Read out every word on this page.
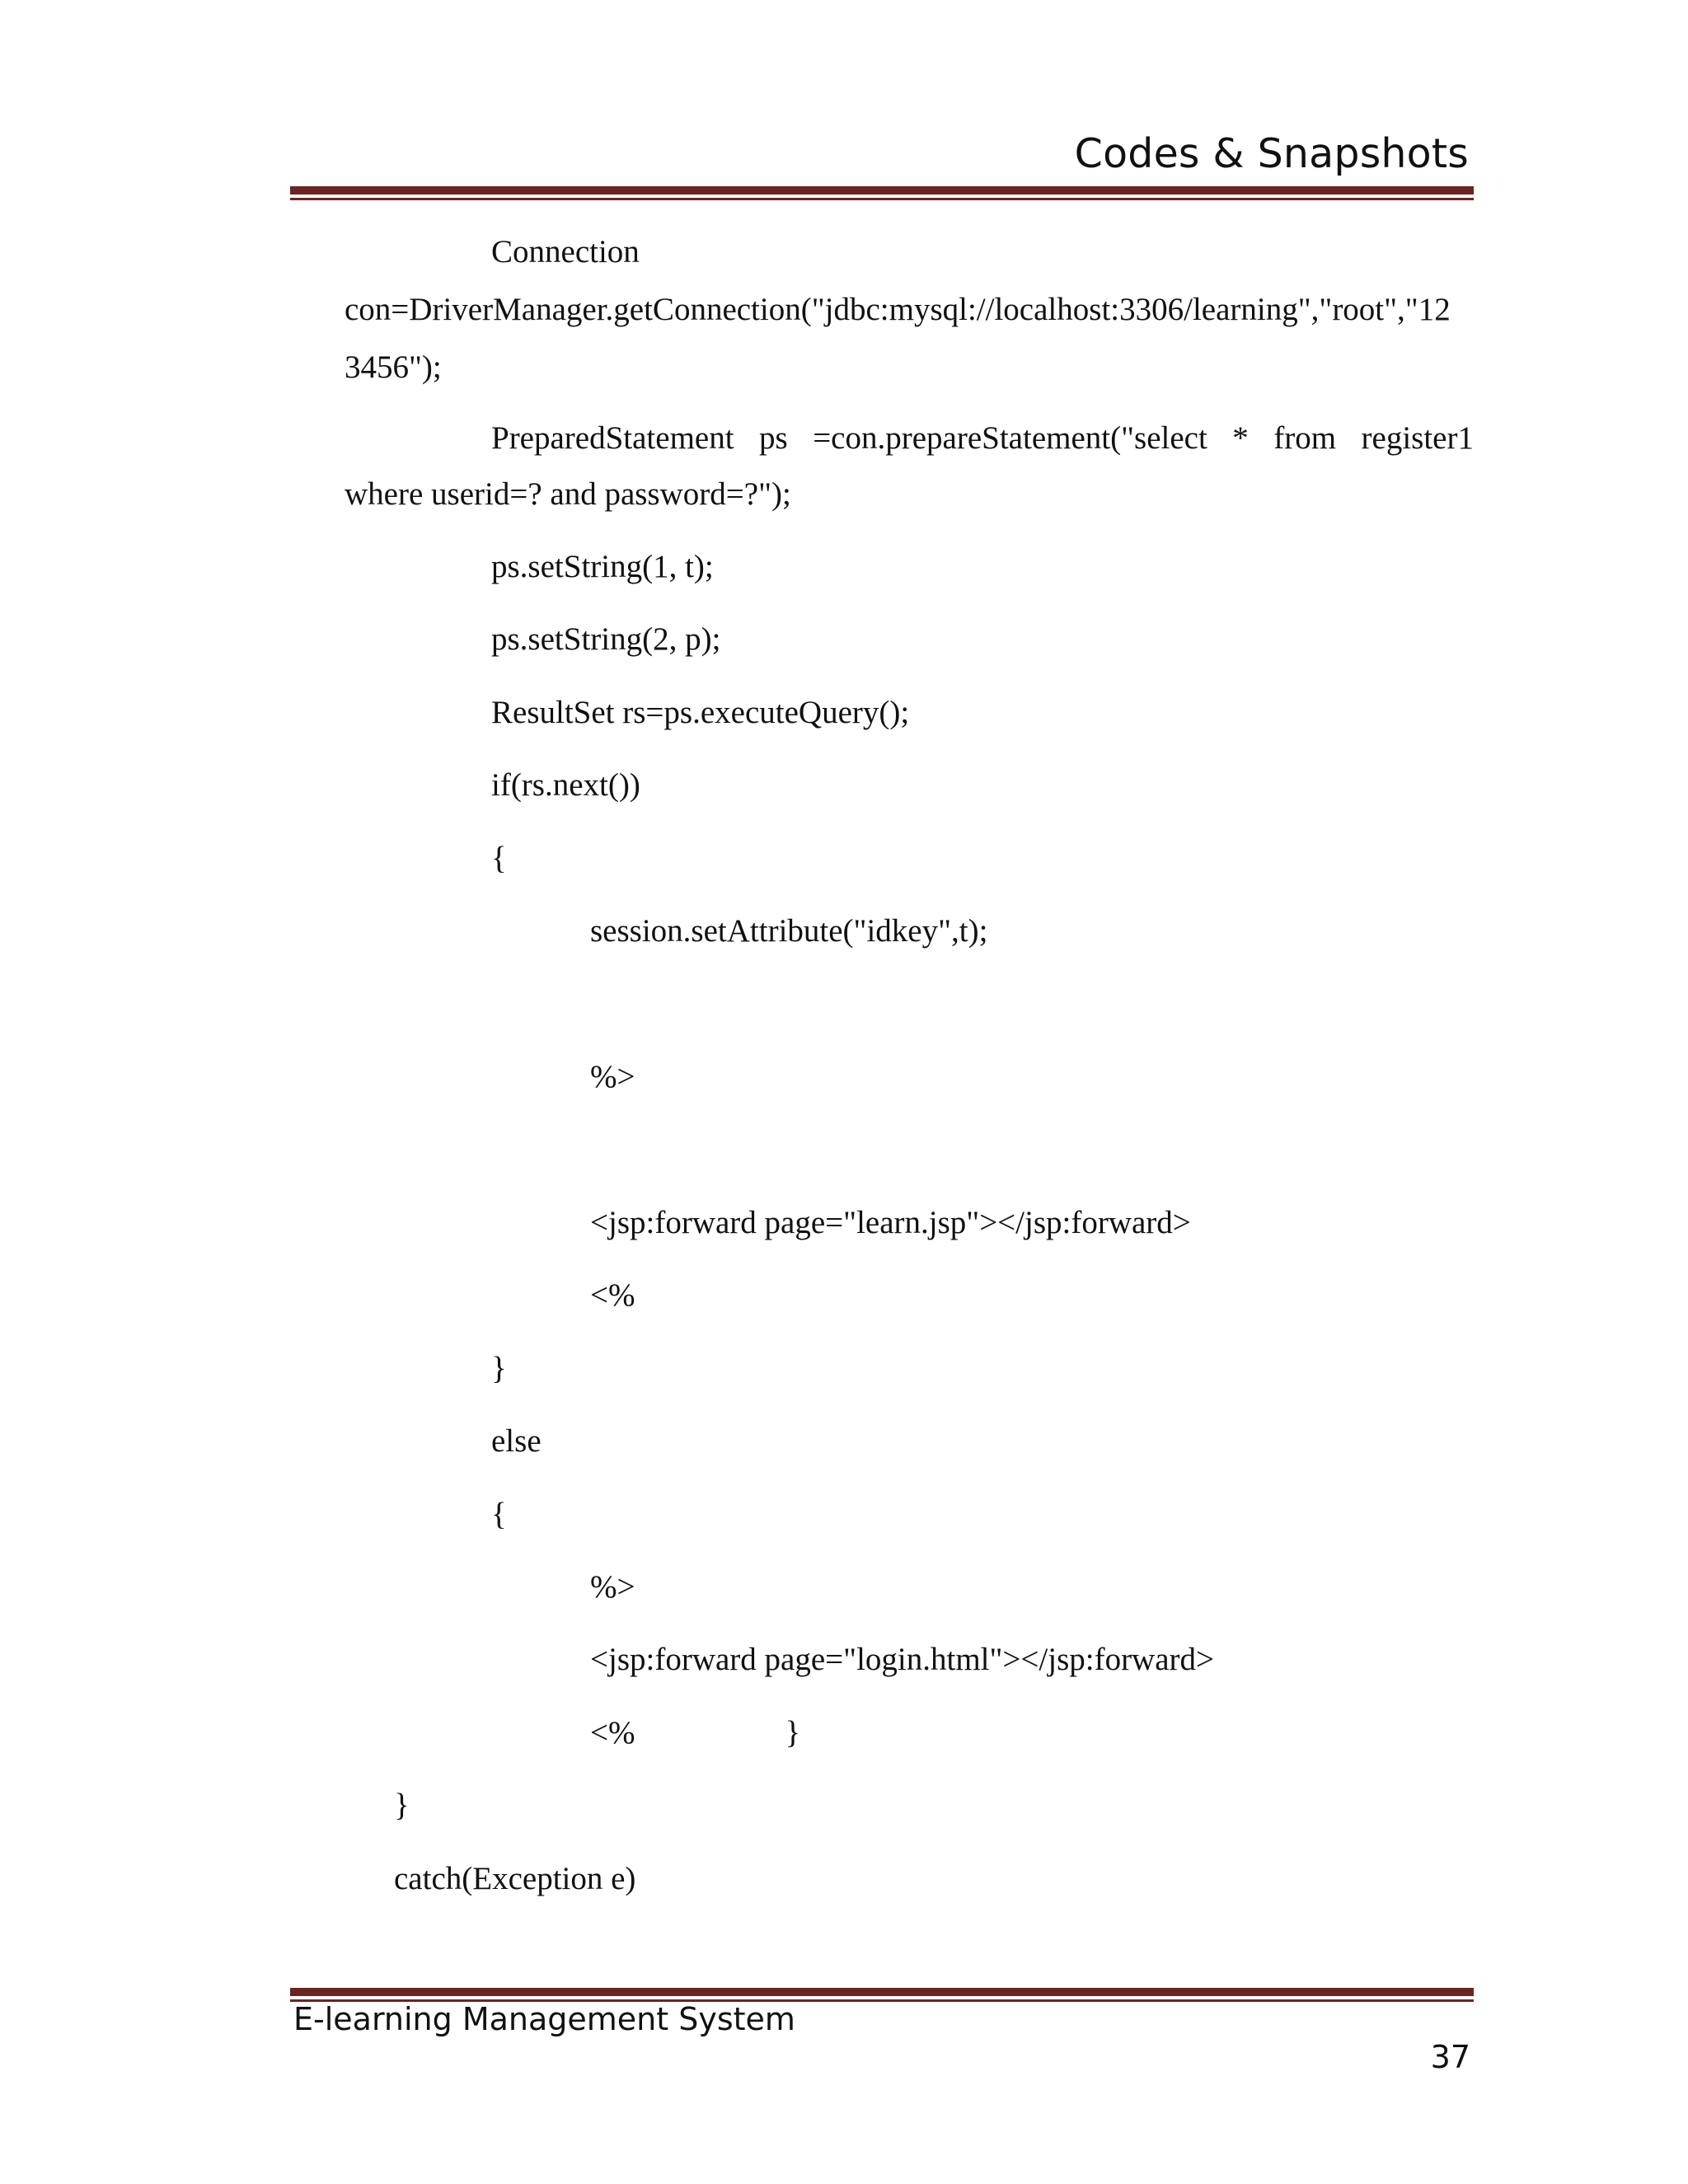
Codes & Snapshots
Connection
con=DriverManager.getConnection("jdbc:mysql://localhost:3306/learning","root","12
3456");
PreparedStatement ps =con.prepareStatement("select * from register1
where userid=? and password=?");
ps.setString(1, t);
ps.setString(2, p);
ResultSet rs=ps.executeQuery();
if(rs.next())
{
session.setAttribute("idkey",t);
%>
<jsp:forward page="learn.jsp"></jsp:forward>
<%
}
else
{
%>
<jsp:forward page="login.html"></jsp:forward>
<%	}
}
catch(Exception e)
E-learning Management System
37
